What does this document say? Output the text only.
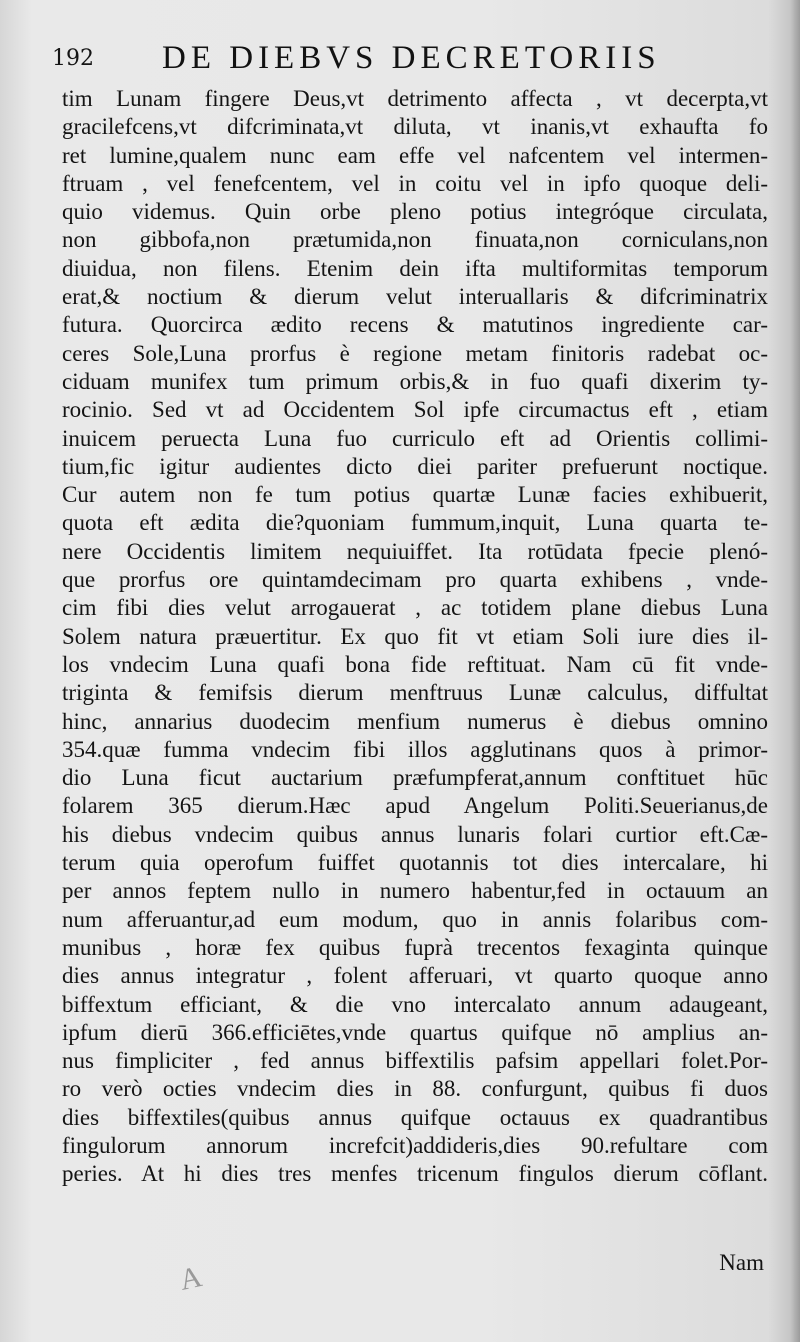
192 DE DIEBVS DECRETORIIS
tim Lunam fingere Deus,vt detrimento affecta , vt decerpta,vt
gracilefcens,vt difcriminata,vt diluta, vt inanis,vt exhaufta fo
ret lumine,qualem nunc eam effe vel nafcentem vel intermen-
ftruam , vel fenefcentem, vel in coitu vel in ipfo quoque deli-
quio videmus. Quin orbe pleno potius integróque circulata,
non gibbofa,non prætumida,non finuata,non corniculans,non
diuidua, non filens. Etenim dein ifta multiformitas temporum
erat,& noctium & dierum velut interuallaris & difcriminatrix
futura. Quorcirca ædito recens & matutinos ingrediente car-
ceres Sole,Luna prorfus è regione metam finitoris radebat oc-
ciduam munifex tum primum orbis,& in fuo quafi dixerim ty-
rocinio. Sed vt ad Occidentem Sol ipfe circumactus eft , etiam
inuicem peruecta Luna fuo curriculo eft ad Orientis collimi-
tium,fic igitur audientes dicto diei pariter prefuerunt noctique.
Cur autem non fe tum potius quartæ Lunæ facies exhibuerit,
quota eft ædita die?quoniam fummum,inquit, Luna quarta te-
nere Occidentis limitem nequiuiffet. Ita rotūdata fpecie plenó-
que prorfus ore quintamdecimam pro quarta exhibens , vnde-
cim fibi dies velut arrogauerat , ac totidem plane diebus Luna
Solem natura præuertitur. Ex quo fit vt etiam Soli iure dies il-
los vndecim Luna quafi bona fide reftituat. Nam cū fit vnde-
triginta & femifsis dierum menftruus Lunæ calculus, diffultat
hinc, annarius duodecim menfium numerus è diebus omnino
354.quæ fumma vndecim fibi illos agglutinans quos à primor-
dio Luna ficut auctarium præfumpferat,annum conftituet hūc
folarem 365 dierum.Hæc apud Angelum Politi.Seuerianus,de
his diebus vndecim quibus annus lunaris folari curtior eft.Cæ-
terum quia operofum fuiffet quotannis tot dies intercalare, hi
per annos feptem nullo in numero habentur,fed in octauum an
num afferuantur,ad eum modum, quo in annis folaribus com-
munibus , horæ fex quibus fuprà trecentos fexaginta quinque
dies annus integratur , folent afferuari, vt quarto quoque anno
biffextum efficiant, & die vno intercalato annum adaugeant,
ipfum dierū 366.efficiētes,vnde quartus quifque nō amplius an-
nus fimpliciter , fed annus biffextilis pafsim appellari folet.Por-
ro verò octies vndecim dies in 88. confurgunt, quibus fi duos
dies biffextiles(quibus annus quifque octauus ex quadrantibus
fingulorum annorum increfcit)addideris,dies 90.refultare com
peries. At hi dies tres menfes tricenum fingulos dierum cōflant.
Nam
A
